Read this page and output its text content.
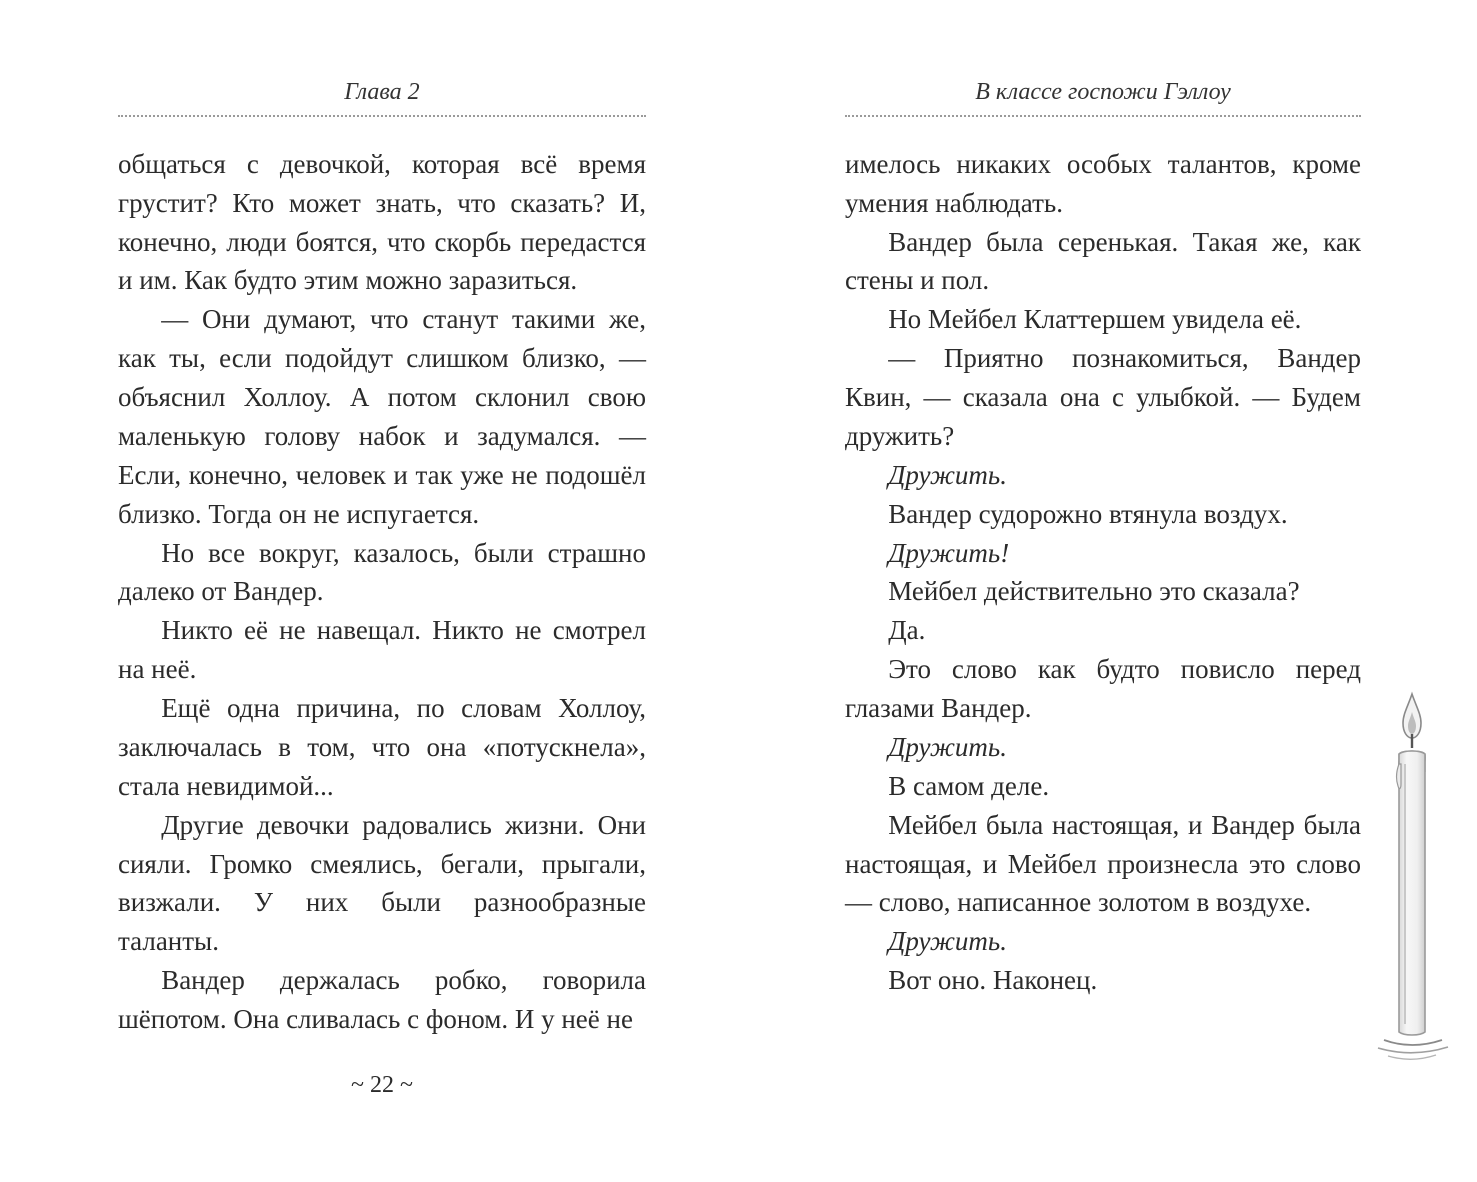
Глава 2

общаться с девочкой, которая всё время грустит? Кто может знать, что сказать? И, конечно, люди боятся, что скорбь передастся и им. Как будто этим можно заразиться.

— Они думают, что станут такими же, как ты, если подойдут слишком близко, — объяснил Холлоу. А потом склонил свою маленькую голову набок и задумался. — Если, конечно, человек и так уже не подошёл близко. Тогда он не испугается.

Но все вокруг, казалось, были страшно далеко от Вандер.

Никто её не навещал. Никто не смотрел на неё.

Ещё одна причина, по словам Холлоу, заключалась в том, что она «потускнела», стала невидимой...

Другие девочки радовались жизни. Они сияли. Громко смеялись, бегали, прыгали, визжали. У них были разнообразные таланты.

Вандер держалась робко, говорила шёпотом. Она сливалась с фоном. И у неё не

В классе госпожи Гэллоу

имелось никаких особых талантов, кроме умения наблюдать.

Вандер была серенькая. Такая же, как стены и пол.

Но Мейбел Клаттершем увидела её.

— Приятно познакомиться, Вандер Квин, — сказала она с улыбкой. — Будем дружить?

Дружить.

Вандер судорожно втянула воздух.

Дружить!

Мейбел действительно это сказала?

Да.

Это слово как будто повисло перед глазами Вандер.

Дружить.

В самом деле.

Мейбел была настоящая, и Вандер была настоящая, и Мейбел произнесла это слово — слово, написанное золотом в воздухе.

Дружить.

Вот оно. Наконец.

~ 22 ~
